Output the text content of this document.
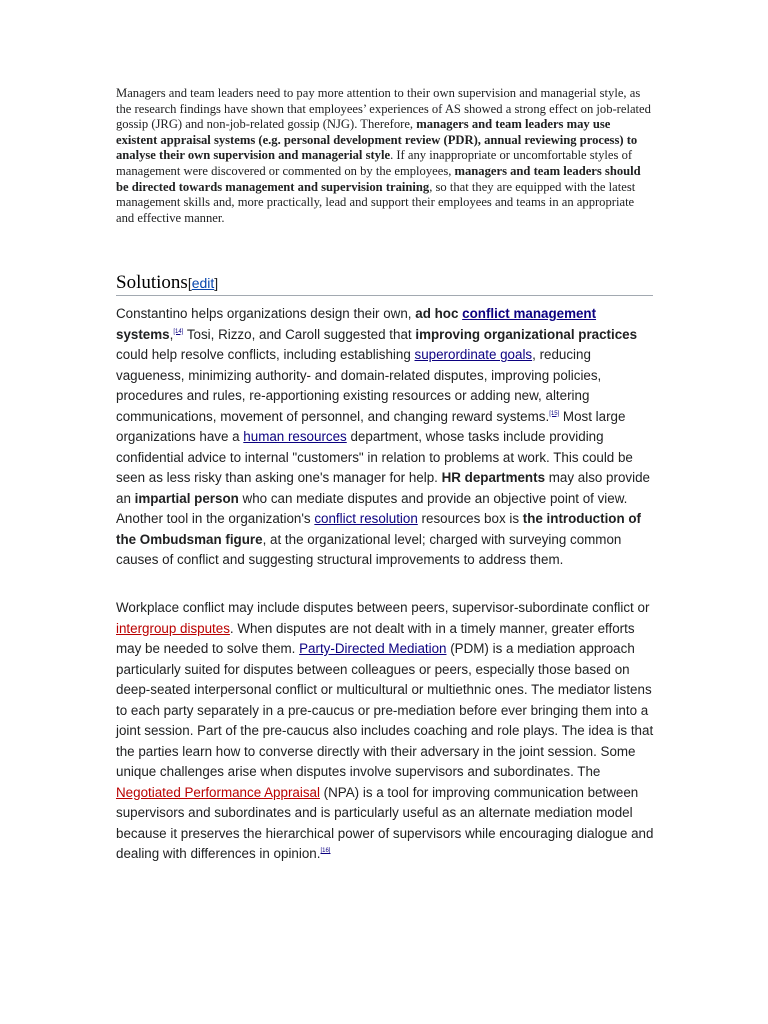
Managers and team leaders need to pay more attention to their own supervision and managerial style, as the research findings have shown that employees’ experiences of AS showed a strong effect on job-related gossip (JRG) and non-job-related gossip (NJG). Therefore, managers and team leaders may use existent appraisal systems (e.g. personal development review (PDR), annual reviewing process) to analyse their own supervision and managerial style. If any inappropriate or uncomfortable styles of management were discovered or commented on by the employees, managers and team leaders should be directed towards management and supervision training, so that they are equipped with the latest management skills and, more practically, lead and support their employees and teams in an appropriate and effective manner.

Solutions[edit]

Constantino helps organizations design their own, ad hoc conflict management systems,[14] Tosi, Rizzo, and Caroll suggested that improving organizational practices could help resolve conflicts, including establishing superordinate goals, reducing vagueness, minimizing authority- and domain-related disputes, improving policies, procedures and rules, re-apportioning existing resources or adding new, altering communications, movement of personnel, and changing reward systems.[15] Most large organizations have a human resources department, whose tasks include providing confidential advice to internal "customers" in relation to problems at work. This could be seen as less risky than asking one's manager for help. HR departments may also provide an impartial person who can mediate disputes and provide an objective point of view. Another tool in the organization's conflict resolution resources box is the introduction of the Ombudsman figure, at the organizational level; charged with surveying common causes of conflict and suggesting structural improvements to address them.

Workplace conflict may include disputes between peers, supervisor-subordinate conflict or intergroup disputes. When disputes are not dealt with in a timely manner, greater efforts may be needed to solve them. Party-Directed Mediation (PDM) is a mediation approach particularly suited for disputes between colleagues or peers, especially those based on deep-seated interpersonal conflict or multicultural or multiethnic ones. The mediator listens to each party separately in a pre-caucus or pre-mediation before ever bringing them into a joint session. Part of the pre-caucus also includes coaching and role plays. The idea is that the parties learn how to converse directly with their adversary in the joint session. Some unique challenges arise when disputes involve supervisors and subordinates. The Negotiated Performance Appraisal (NPA) is a tool for improving communication between supervisors and subordinates and is particularly useful as an alternate mediation model because it preserves the hierarchical power of supervisors while encouraging dialogue and dealing with differences in opinion.[16]
